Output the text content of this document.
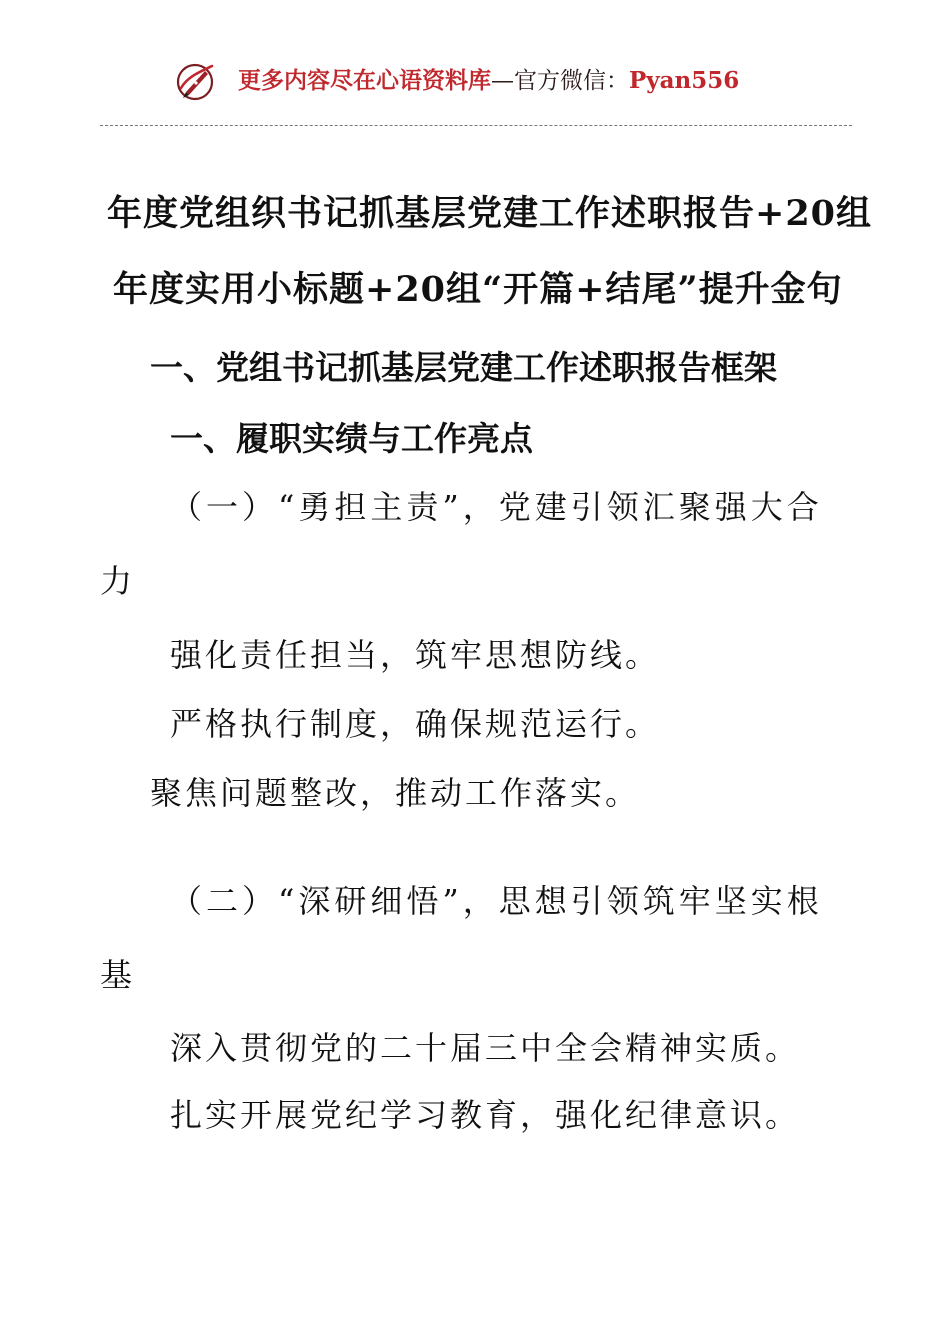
更多内容尽在心语资料库—官方微信：Pyan556
年度党组织书记抓基层党建工作述职报告+20组
年度实用小标题+20组“开篇+结尾”提升金句
一、党组书记抓基层党建工作述职报告框架
一、履职实绩与工作亮点
（一）“勇担主责”，党建引领汇聚强大合
力
强化责任担当，筑牢思想防线。
严格执行制度，确保规范运行。
聚焦问题整改，推动工作落实。
（二）“深研细悟”，思想引领筑牢坚实根
基
深入贯彻党的二十届三中全会精神实质。
扎实开展党纪学习教育，强化纪律意识。
